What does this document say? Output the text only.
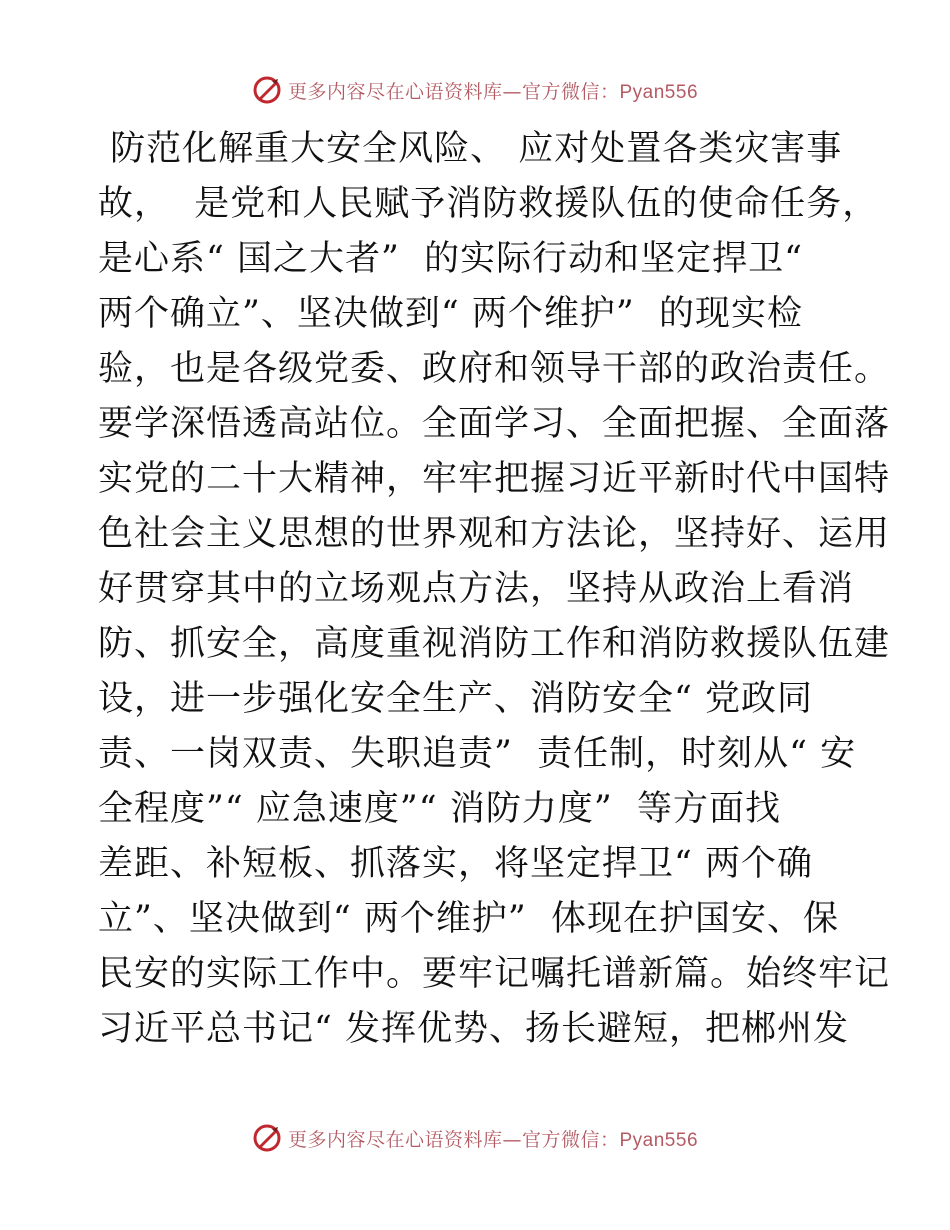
更多内容尽在心语资料库—官方微信：Pyan556
防范化解重大安全风险、 应对处置各类灾害事
故，  是党和人民赋予消防救援队伍的使命任务，
是心系“ 国之大者”  的实际行动和坚定捍卫“
两个确立”、坚决做到“ 两个维护”  的现实检
验，也是各级党委、政府和领导干部的政治责任。
要学深悟透高站位。全面学习、全面把握、全面落
实党的二十大精神，牢牢把握习近平新时代中国特
色社会主义思想的世界观和方法论，坚持好、运用
好贯穿其中的立场观点方法，坚持从政治上看消
防、抓安全，高度重视消防工作和消防救援队伍建
设，进一步强化安全生产、消防安全“ 党政同
责、一岗双责、失职追责”  责任制，时刻从“ 安
全程度”“ 应急速度”“ 消防力度”  等方面找
差距、补短板、抓落实，将坚定捍卫“ 两个确
立”、坚决做到“ 两个维护”  体现在护国安、保
民安的实际工作中。要牢记嘱托谱新篇。始终牢记
习近平总书记“ 发挥优势、扬长避短，把郴州发
更多内容尽在心语资料库—官方微信：Pyan556
